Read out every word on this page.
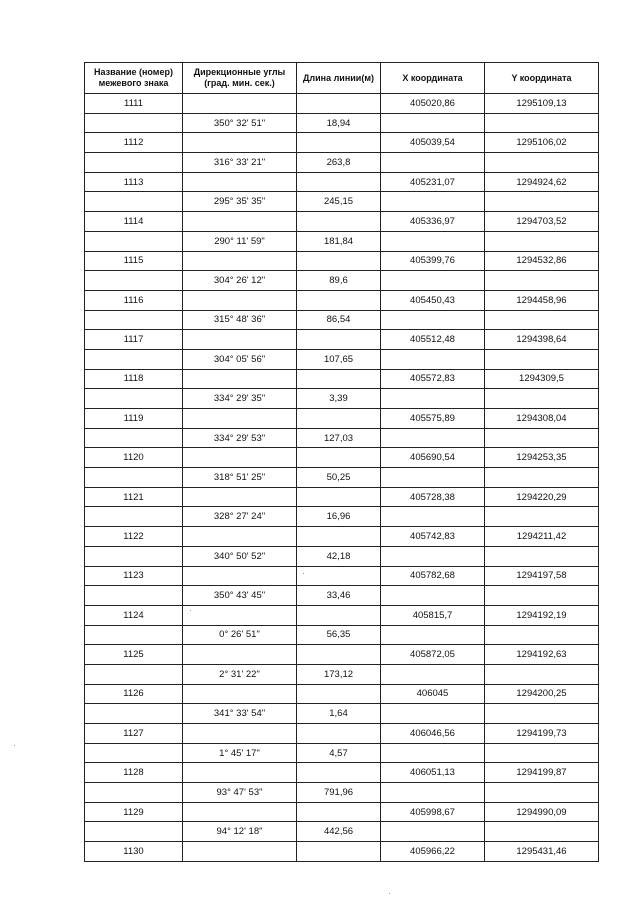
Название (номер) межевого знака	Дирекционные углы (град. мин. сек.)	Длина линии(м)	X координата	Y координата
1111			405020,86	1295109,13
	350° 32' 51"	18,94		
1112			405039,54	1295106,02
	316° 33' 21"	263,8		
1113			405231,07	1294924,62
	295° 35' 35"	245,15		
1114			405336,97	1294703,52
	290° 11' 59"	181,84		
1115			405399,76	1294532,86
	304° 26' 12"	89,6		
1116			405450,43	1294458,96
	315° 48' 36"	86,54		
1117			405512,48	1294398,64
	304° 05' 56"	107,65		
1118			405572,83	1294309,5
	334° 29' 35"	3,39		
1119			405575,89	1294308,04
	334° 29' 53"	127,03		
1120			405690,54	1294253,35
	318° 51' 25"	50,25		
1121			405728,38	1294220,29
	328° 27' 24"	16,96		
1122			405742,83	1294211,42
	340° 50' 52"	42,18		
1123			405782,68	1294197,58
	350° 43' 45"	33,46		
1124			405815,7	1294192,19
	0° 26' 51"	56,35		
1125			405872,05	1294192,63
	2° 31' 22"	173,12		
1126			406045	1294200,25
	341° 33' 54"	1,64		
1127			406046,56	1294199,73
	1° 45' 17"	4,57		
1128			406051,13	1294199,87
	93° 47' 53"	791,96		
1129			405998,67	1294990,09
	94° 12' 18"	442,56		
1130			405966,22	1295431,46
